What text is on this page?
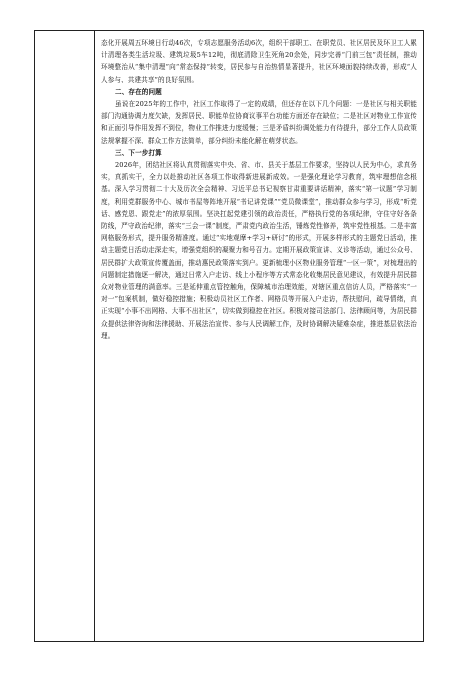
态化开展周五环境日行动46次，专项志愿服务活动6次，组织干部职工、在职党员、社区居民及环卫工人累计清理各类生活垃圾、建筑垃圾5车12吨，彻底清除卫生死角20余处，同步完善“门前三包”责任制，推动环境整治从“集中清理”向“常态保持”转变，居民参与自治热情显著提升，社区环境面貌持续改善，形成“人人参与、共建共享”的良好氛围。

二、存在的问题

虽说在2025年的工作中，社区工作取得了一定的成绩，但还存在以下几个问题：一是社区与相关职能部门沟通协调力度欠缺，发挥居民、职能单位协商议事平台功能方面还存在缺位；二是社区对物业工作宣传和正面引导作用发挥不到位，物业工作推进力度缓慢；三是矛盾纠纷调处能力有待提升，部分工作人员政策法规掌握不深、群众工作方法简单，部分纠纷未能化解在萌芽状态。

三、下一步打算

2026年，团结社区将认真贯彻落实中央、省、市、县关于基层工作要求，坚持以人民为中心，求真务实，真抓实干，全力以赴推动社区各项工作取得新进展新成效。一是强化理论学习教育，筑牢理想信念根基。深入学习贯彻二十大及历次全会精神、习近平总书记视察甘肃重要讲话精神，落实“第一议题”学习制度，利用党群服务中心、城市书屋等阵地开展“书记讲党课”“党员微课堂”，推动群众参与学习，形成“听党话、感党恩、跟党走”的浓厚氛围。坚决扛起党建引领的政治责任，严格执行党的各项纪律，守住守好各条防线，严守政治纪律，落实“三会一课”制度，严肃党内政治生活，锤炼党性修养，筑牢党性根基。二是丰富网格服务形式，提升服务精准度。通过“实地观摩+学习+研讨”的形式，开展多样形式的主题党日活动，推动主题党日活动走深走实，增强党组织的凝聚力和号召力。定期开展政策宣讲、义诊等活动，通过公众号、居民群扩大政策宣传覆盖面，推动惠民政策落实到户。更新梳理小区物业服务管理“一区一策”，对梳理出的问题制定措施逐一解决，通过日常入户走访、线上小程序等方式常态化收集居民意见建议，有效提升居民群众对物业管理的满意率。三是延伸重点管控触角，保障城市治理效能，对辖区重点信访人员，严格落实“一对一”包案机制，做好稳控措施；积极动员社区工作者、网格员等开展入户走访，帮扶慰问，疏导情绪，真正实现“小事不出网格、大事不出社区”，切实做到稳控在社区。积极对接司法部门、法律顾问等，为居民群众提供法律咨询和法律援助、开展法治宣传、参与人民调解工作，及时协调解决疑难杂症，推进基层依法治理。
